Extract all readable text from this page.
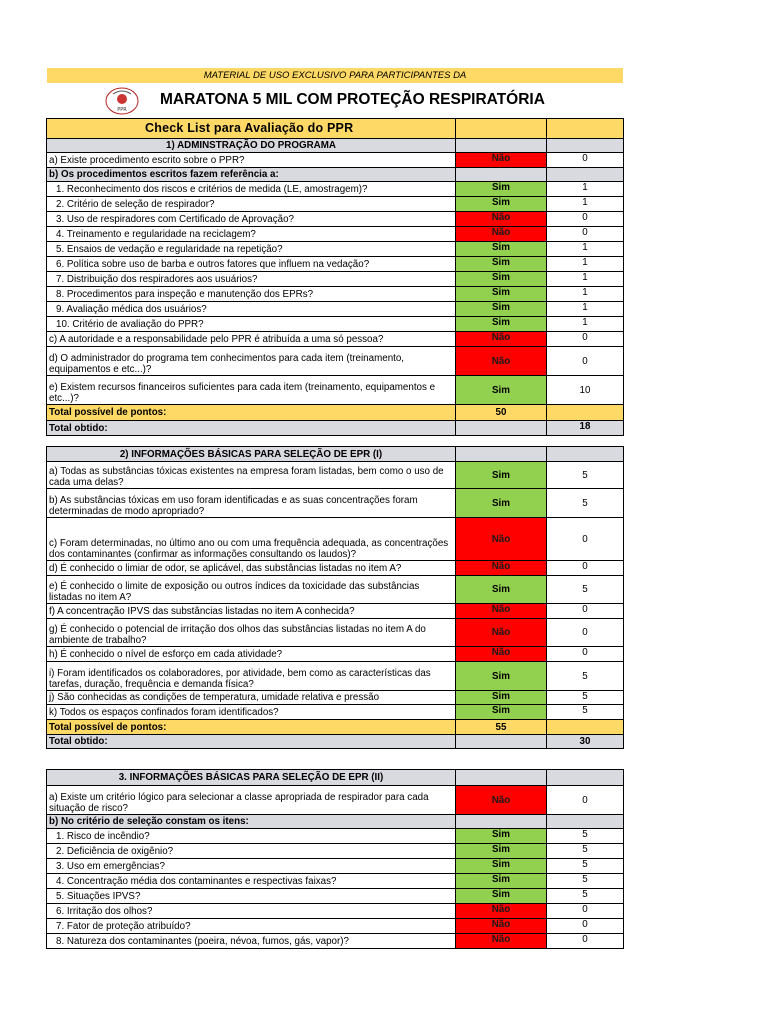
MATERIAL DE USO EXCLUSIVO PARA PARTICIPANTES DA
PPR
MARATONA 5 MIL COM PROTEÇÃO RESPIRATÓRIA
Check List para Avaliação do PPR		
1) ADMINSTRAÇÃO DO PROGRAMA		
a) Existe procedimento escrito sobre o PPR?	Não	0
b) Os procedimentos escritos fazem referência a:		
1. Reconhecimento dos riscos e critérios de medida (LE, amostragem)?	Sim	1
2. Critério de seleção de respirador?	Sim	1
3. Uso de respiradores com Certificado de Aprovação?	Não	0
4. Treinamento e regularidade na reciclagem?	Não	0
5. Ensaios de vedação e regularidade na repetição?	Sim	1
6. Política sobre uso de barba e outros fatores que influem na vedação?	Sim	1
7. Distribuição dos respiradores aos usuários?	Sim	1
8. Procedimentos para inspeção e manutenção dos EPRs?	Sim	1
9. Avaliação médica dos usuários?	Sim	1
10. Critério de avaliação do PPR?	Sim	1
c) A autoridade e a responsabilidade pelo PPR é atribuída a uma só pessoa?	Não	0
d) O administrador do programa tem conhecimentos para cada item (treinamento, equipamentos e etc...)?	Não	0
e) Existem recursos financeiros suficientes para cada item (treinamento, equipamentos e etc...)?	Sim	10
Total possível de pontos:	50	
Total obtido:		18
2) INFORMAÇÕES BÁSICAS PARA SELEÇÃO DE EPR (I)		
a) Todas as substâncias tóxicas existentes na empresa foram listadas, bem como o uso de cada uma delas?	Sim	5
b) As substâncias tóxicas em uso foram identificadas e as suas concentrações foram determinadas de modo apropriado?	Sim	5
c) Foram determinadas, no último ano ou com uma frequência adequada, as concentrações dos contaminantes (confirmar as informações consultando os laudos)?	Não	0
d) É conhecido o limiar de odor, se aplicável, das substâncias listadas no item A?	Não	0
e) É conhecido o limite de exposição ou outros índices da toxicidade das substâncias listadas no item A?	Sim	5
f) A concentração IPVS das substâncias listadas no item A conhecida?	Não	0
g) É conhecido o potencial de irritação dos olhos das substâncias listadas no item A do ambiente de trabalho?	Não	0
h) É conhecido o nível de esforço em cada atividade?	Não	0
i) Foram identificados os colaboradores, por atividade, bem como as características das tarefas, duração, frequência e demanda física?	Sim	5
j) São conhecidas as condições de temperatura, umidade relativa e pressão	Sim	5
k) Todos os espaços confinados foram identificados?	Sim	5
Total possível de pontos:	55	
Total obtido:		30
3. INFORMAÇÕES BÁSICAS PARA SELEÇÃO DE EPR (II)		
a) Existe um critério lógico para selecionar a classe apropriada de respirador para cada situação de risco?	Não	0
b) No critério de seleção constam os itens:		
1. Risco de incêndio?	Sim	5
2. Deficiência de oxigênio?	Sim	5
3. Uso em emergências?	Sim	5
4. Concentração média dos contaminantes e respectivas faixas?	Sim	5
5. Situações IPVS?	Sim	5
6. Irritação dos olhos?	Não	0
7. Fator de proteção atribuído?	Não	0
8. Natureza dos contaminantes (poeira, névoa, fumos, gás, vapor)?	Não	0
